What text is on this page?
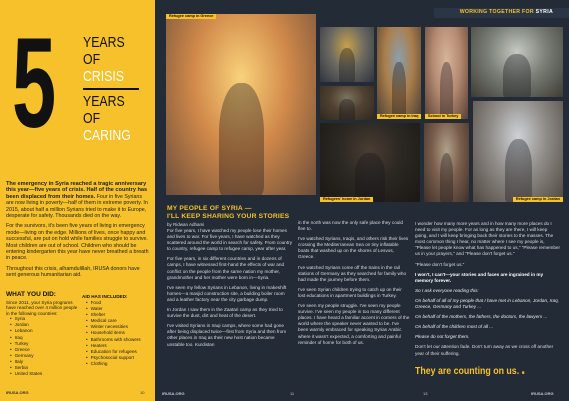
5 YEARS
OF
CRISIS
YEARS
OF
CARING

The emergency in Syria reached a tragic anniversary this year—five years of crisis. Half of the country has been displaced from their homes. Four in five Syrians are now living in poverty—half of them in extreme poverty. In 2015, about half a million Syrians tried to make it to Europe, desperate for safety. Thousands died on the way.

For the survivors, it's been five years of living in emergency mode—living on the edge. Millions of lives, once happy and successful, are put on hold while families struggle to survive. Most children are out of school. Children who should be entering kindergarten this year have never breathed a breath in peace.

Throughout this crisis, alhamdulillah, IRUSA donors have sent generous humanitarian aid.

WHAT YOU DID:
Since 2011, your Syria programs have reached over 4 million people in the following countries:
• Syria
• Jordan
• Lebanon
• Iraq
• Turkey
• Greece
• Germany
• Italy
• Serbia
• United States
AID HAS INCLUDED:
• Food
• Water
• Shelter
• Medical care
• Winter necessities
• Household items
• Bathrooms with showers
• Heaters
• Education for refugees
• Psychosocial support
• Clothing
IRUSA.ORG	10
WORKING TOGETHER FOR SYRIA
Refugee camp in Greece
Refugee camp in Iraq	School in Turkey
Refugees' home in Jordan	Refugee camp in Jordan
MY PEOPLE OF SYRIA —
I'LL KEEP SHARING YOUR STORIES
by Ridwan Adhami

For five years, I have watched my people lose their homes and lives to war. For five years, I have watched as they scattered around the world in search for safety. From country to country, refugee camp to refugee camp, year after year.

For five years, in six different countries and in dozens of camps, I have witnessed first-hand the effects of war and conflict on the people from the same nation my mother, grandmother and her mother were born in—Syria.

I've seen my fellow Syrians in Lebanon, living in makeshift homes—a masjid construction site, a building boiler room and a leather factory near the city garbage dump.

In Jordan I saw them in the Zaatari camp as they tried to survive the dust, dirt and heat of the desert.

I've visited Syrians in Iraqi camps, where some had gone after being displaced twice—first from Syria and then from other places in Iraq as their new host nation became unstable too. Kurdistan

in the north was now the only safe place they could flee to.

I've watched Syrians, Iraqis, and others risk their lives crossing the Mediterranean Sea on tiny inflatable boats that washed up on the shores of Lesvos, Greece.

I've watched Syrians come off the trains in the rail stations of Germany as they searched for family who had made the journey before them.

I've seen Syrian children trying to catch up on their lost educations in apartment buildings in Turkey.

I've seen my people struggle. I've seen my people survive. I've seen my people in too many different places. I have heard a familiar accent in corners of the world where the speaker never wanted to be. I've been warmly embraced for speaking Syrian Arabic where it wasn't expected, a comforting and painful reminder of home for both of us.

I wonder how many more years and in how many more places do I need to visit my people. For as long as they are there, I will keep going, and I will keep bringing back their stories to the masses. The most common thing I hear, no matter where I see my people is, "Please let people know what has happened to us," "Please remember us in your prayers," and "Please don't forget us."

"Please don't forget us."

I won't, I can't—your stories and faces are ingrained in my memory forever.

So I ask everyone reading this:

On behalf of all of my people that I have met in Lebanon, Jordan, Iraq, Greece, Germany and Turkey ...

On behalf of the mothers, the fathers, the doctors, the lawyers ...

On behalf of the children most of all ...

Please do not forget them.

Don't let our attention fade. Don't turn away as we cross off another year of their suffering.

They are counting on us. ■
IRUSA.ORG	11	13	IRUSA.ORG
